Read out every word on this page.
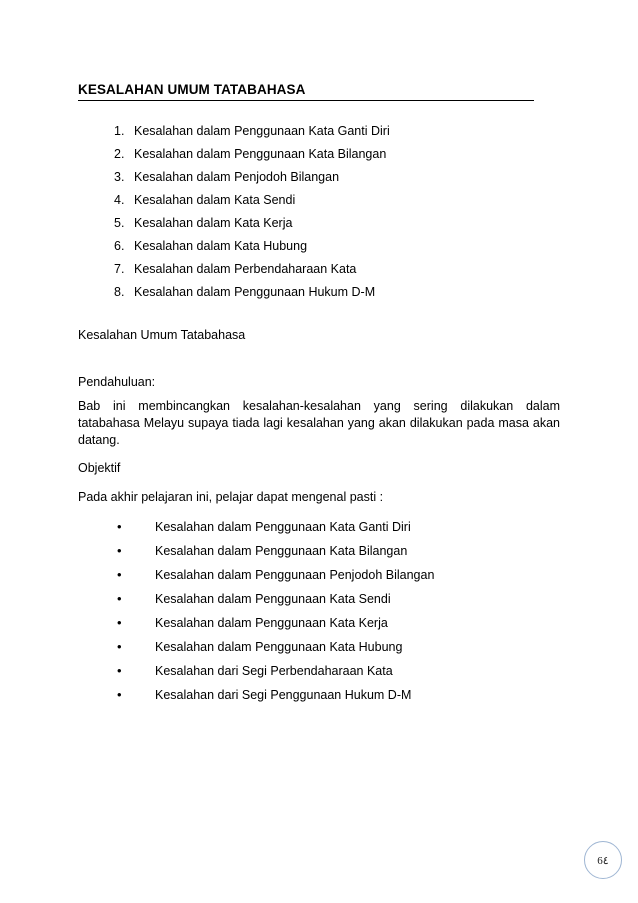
KESALAHAN UMUM TATABAHASA
1. Kesalahan dalam Penggunaan Kata Ganti Diri
2. Kesalahan dalam Penggunaan Kata Bilangan
3. Kesalahan dalam Penjodoh Bilangan
4. Kesalahan dalam Kata Sendi
5. Kesalahan dalam Kata Kerja
6. Kesalahan dalam Kata Hubung
7. Kesalahan dalam Perbendaharaan Kata
8. Kesalahan dalam Penggunaan Hukum D-M
Kesalahan Umum Tatabahasa
Pendahuluan:
Bab ini membincangkan kesalahan-kesalahan yang sering dilakukan dalam tatabahasa Melayu supaya tiada lagi kesalahan yang akan dilakukan pada masa akan datang.
Objektif
Pada akhir pelajaran ini, pelajar dapat mengenal pasti :
•	Kesalahan dalam Penggunaan Kata Ganti Diri
•	Kesalahan dalam Penggunaan Kata Bilangan
•	Kesalahan dalam Penggunaan Penjodoh Bilangan
•	Kesalahan dalam Penggunaan Kata Sendi
•	Kesalahan dalam Penggunaan Kata Kerja
•	Kesalahan dalam Penggunaan Kata Hubung
•	Kesalahan dari Segi Perbendaharaan Kata
•	Kesalahan dari Segi Penggunaan Hukum D-M
6٤
